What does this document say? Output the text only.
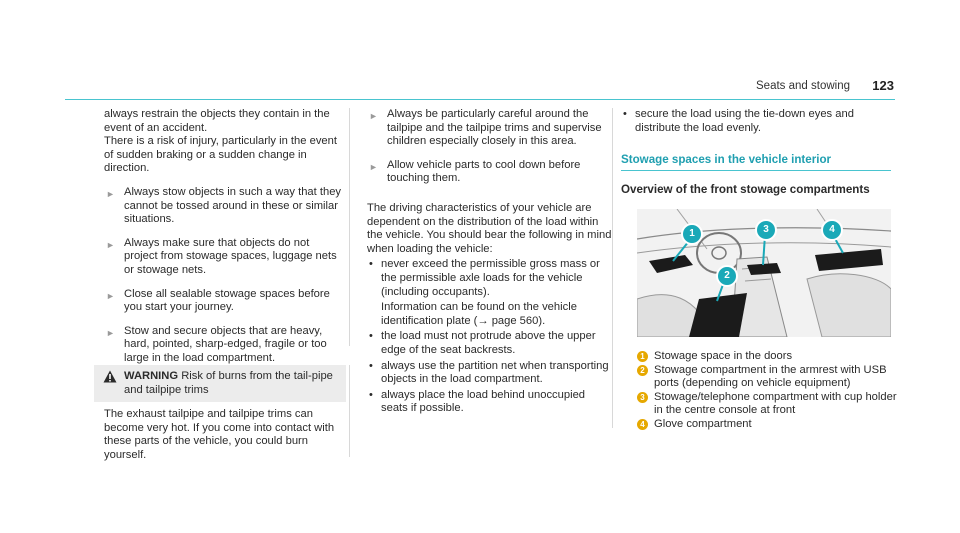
Seats and stowing 123

always restrain the objects they contain in the event of an accident.

There is a risk of injury, particularly in the event of sudden braking or a sudden change in direction.

► Always stow objects in such a way that they cannot be tossed around in these or similar situations.
► Always make sure that objects do not project from stowage spaces, luggage nets or stowage nets.
► Close all sealable stowage spaces before you start your journey.
► Stow and secure objects that are heavy, hard, pointed, sharp-edged, fragile or too large in the load compartment.
WARNING Risk of burns from the tail-pipe and tailpipe trims
The exhaust tailpipe and tailpipe trims can become very hot. If you come into contact with these parts of the vehicle, you could burn yourself.
► Always be particularly careful around the tailpipe and the tailpipe trims and supervise children especially closely in this area.
► Allow vehicle parts to cool down before touching them.

The driving characteristics of your vehicle are dependent on the distribution of the load within the vehicle. You should bear the following in mind when loading the vehicle:

• never exceed the permissible gross mass or the permissible axle loads for the vehicle (including occupants).
Information can be found on the vehicle identification plate (→ page 560).
• the load must not protrude above the upper edge of the seat backrests.
• always use the partition net when transporting objects in the load compartment.
• always place the load behind unoccupied seats if possible.
• secure the load using the tie-down eyes and distribute the load evenly.
Stowage spaces in the vehicle interior
Overview of the front stowage compartments
1
2
3	4
1 Stowage space in the doors
2 Stowage compartment in the armrest with USB ports (depending on vehicle equipment)
3 Stowage/telephone compartment with cup holder in the centre console at front
4 Glove compartment
